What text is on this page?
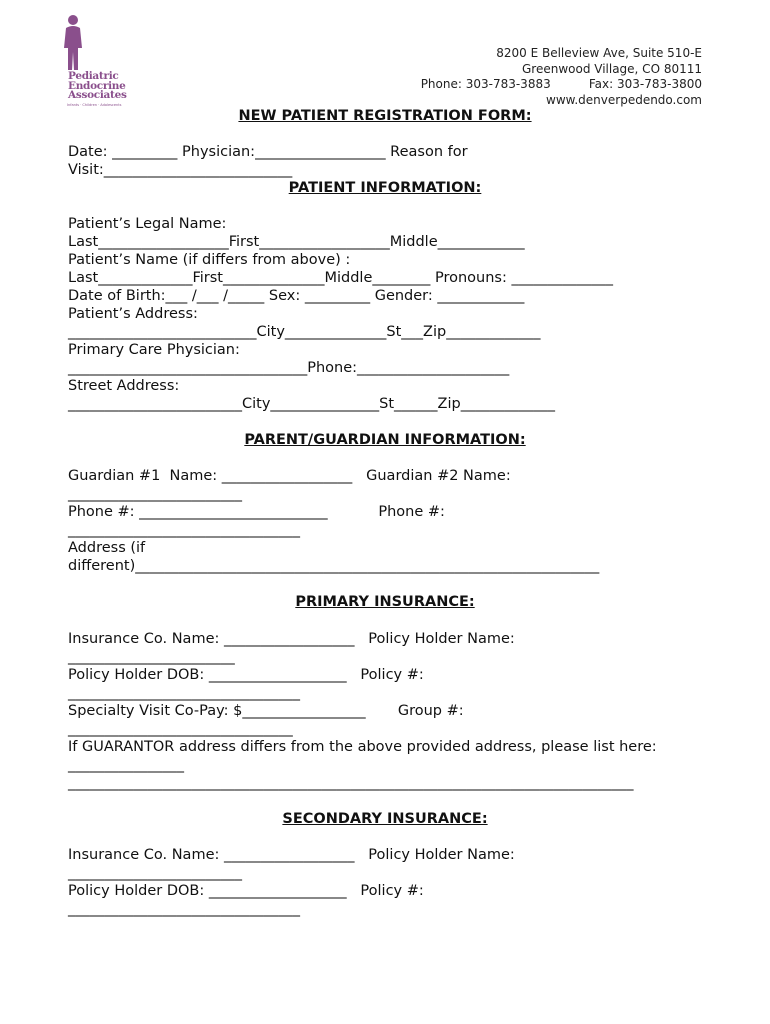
Pediatric
Endocrine
Associates
Infants · Children · Adolescents
8200 E Belleview Ave, Suite 510-E
Greenwood Village, CO 80111
Phone: 303-783-3883          Fax: 303-783-3800
www.denverpedendo.com
NEW PATIENT REGISTRATION FORM:
Date: _________ Physician:__________________ Reason for
Visit:__________________________
PATIENT INFORMATION:
Patient’s Legal Name:
Last__________________First__________________Middle____________
Patient’s Name (if differs from above) :
Last_____________First______________Middle________ Pronouns: ______________
Date of Birth:___ /___ /_____ Sex: _________ Gender: ____________
Patient’s Address:
__________________________City______________St___Zip_____________
Primary Care Physician:
_________________________________Phone:_____________________
Street Address:
________________________City_______________St______Zip_____________
PARENT/GUARDIAN INFORMATION:
Guardian #1  Name: __________________   Guardian #2 Name:
________________________
Phone #: __________________________           Phone #:
________________________________
Address (if
different)________________________________________________________________
PRIMARY INSURANCE:
Insurance Co. Name: __________________   Policy Holder Name:
_______________________
Policy Holder DOB: ___________________   Policy #:
________________________________
Specialty Visit Co-Pay: $_________________       Group #:
_______________________________
If GUARANTOR address differs from the above provided address, please list here:
________________
______________________________________________________________________________
SECONDARY INSURANCE:
Insurance Co. Name: __________________   Policy Holder Name:
________________________
Policy Holder DOB: ___________________   Policy #:
________________________________
